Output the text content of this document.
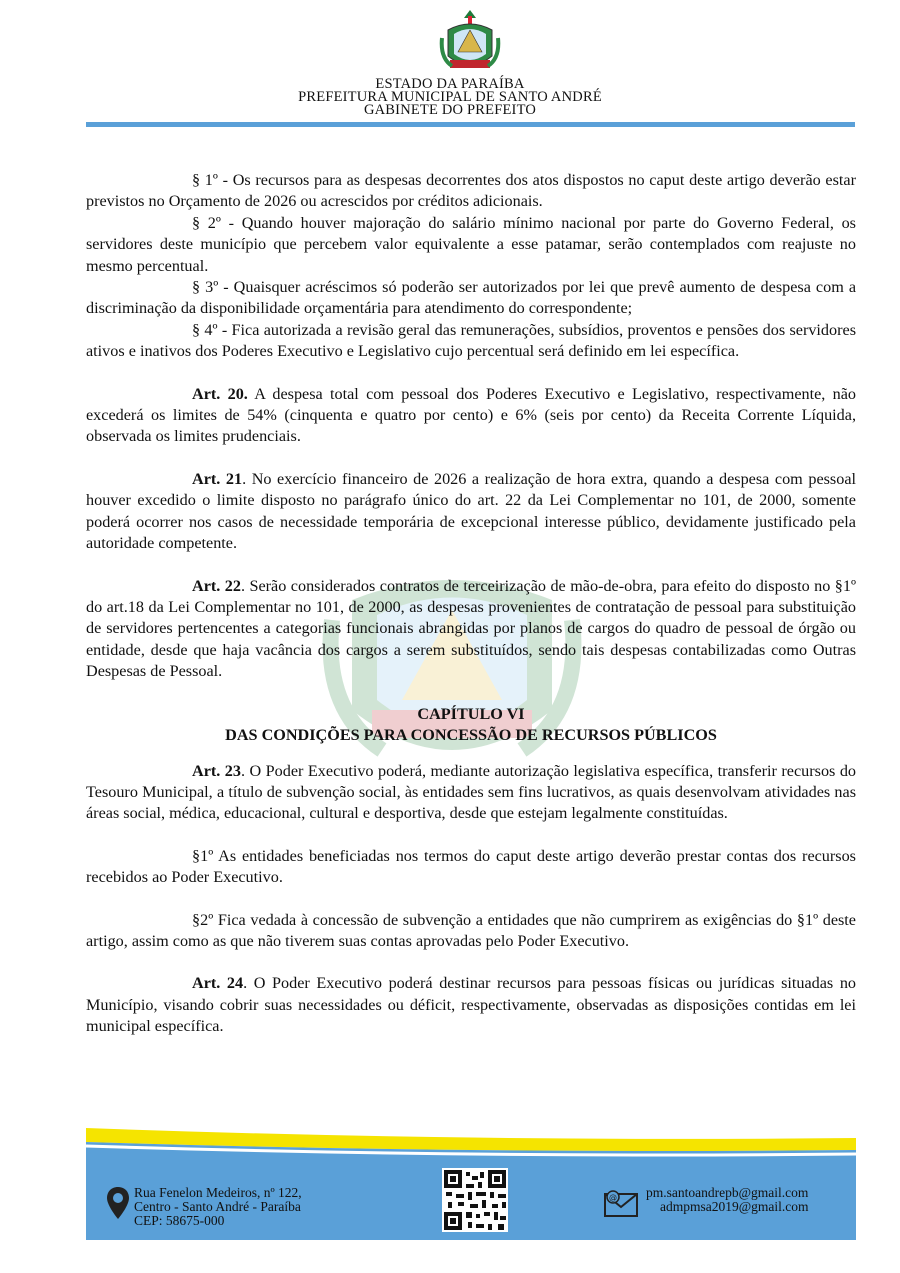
ESTADO DA PARAÍBA
PREFEITURA MUNICIPAL DE SANTO ANDRÉ
GABINETE DO PREFEITO

§ 1º - Os recursos para as despesas decorrentes dos atos dispostos no caput deste artigo deverão estar previstos no Orçamento de 2026 ou acrescidos por créditos adicionais.

§ 2º - Quando houver majoração do salário mínimo nacional por parte do Governo Federal, os servidores deste município que percebem valor equivalente a esse patamar, serão contemplados com reajuste no mesmo percentual.

§ 3º - Quaisquer acréscimos só poderão ser autorizados por lei que prevê aumento de despesa com a discriminação da disponibilidade orçamentária para atendimento do correspondente;

§ 4º - Fica autorizada a revisão geral das remunerações, subsídios, proventos e pensões dos servidores ativos e inativos dos Poderes Executivo e Legislativo cujo percentual será definido em lei específica.

Art. 20. A despesa total com pessoal dos Poderes Executivo e Legislativo, respectivamente, não excederá os limites de 54% (cinquenta e quatro por cento) e 6% (seis por cento) da Receita Corrente Líquida, observada os limites prudenciais.

Art. 21. No exercício financeiro de 2026 a realização de hora extra, quando a despesa com pessoal houver excedido o limite disposto no parágrafo único do art. 22 da Lei Complementar no 101, de 2000, somente poderá ocorrer nos casos de necessidade temporária de excepcional interesse público, devidamente justificado pela autoridade competente.

Art. 22. Serão considerados contratos de terceirização de mão-de-obra, para efeito do disposto no §1º do art.18 da Lei Complementar no 101, de 2000, as despesas provenientes de contratação de pessoal para substituição de servidores pertencentes a categorias funcionais abrangidas por planos de cargos do quadro de pessoal de órgão ou entidade, desde que haja vacância dos cargos a serem substituídos, sendo tais despesas contabilizadas como Outras Despesas de Pessoal.

CAPÍTULO VI

DAS CONDIÇÕES PARA CONCESSÃO DE RECURSOS PÚBLICOS

Art. 23. O Poder Executivo poderá, mediante autorização legislativa específica, transferir recursos do Tesouro Municipal, a título de subvenção social, às entidades sem fins lucrativos, as quais desenvolvam atividades nas áreas social, médica, educacional, cultural e desportiva, desde que estejam legalmente constituídas.

§1º As entidades beneficiadas nos termos do caput deste artigo deverão prestar contas dos recursos recebidos ao Poder Executivo.

§2º Fica vedada à concessão de subvenção a entidades que não cumprirem as exigências do §1º deste artigo, assim como as que não tiverem suas contas aprovadas pelo Poder Executivo.

Art. 24. O Poder Executivo poderá destinar recursos para pessoas físicas ou jurídicas situadas no Município, visando cobrir suas necessidades ou déficit, respectivamente, observadas as disposições contidas em lei municipal específica.

Rua Fenelon Medeiros, nº 122,
Centro - Santo André - Paraíba
CEP: 58675-000
@ pm.santoandrepb@gmail.com
admpmsa2019@gmail.com
